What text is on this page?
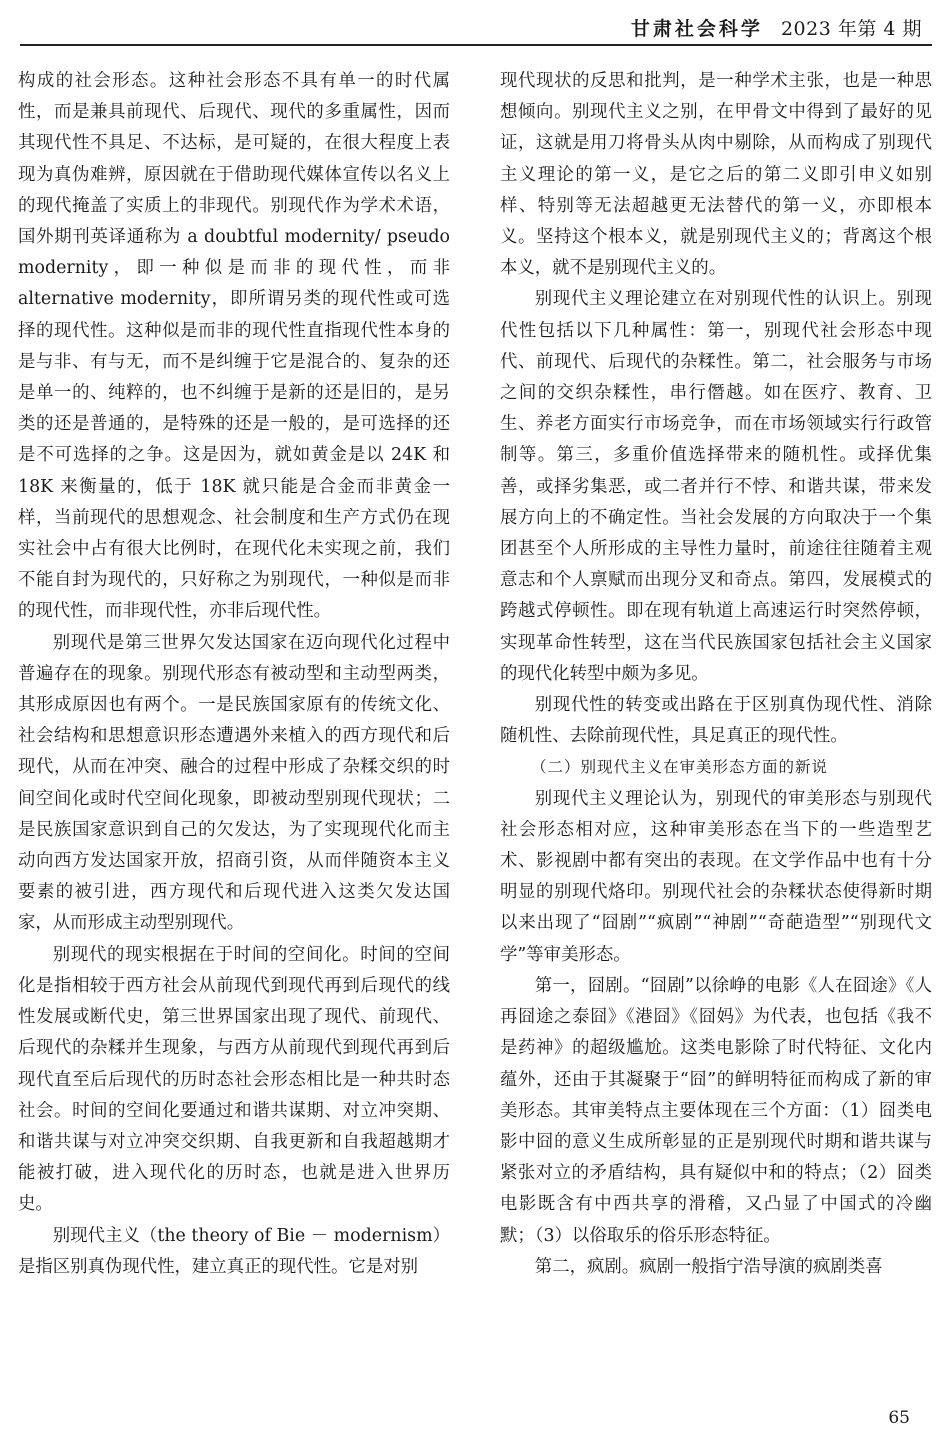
甘肃社会科学 2023 年第 4 期

构成的社会形态。这种社会形态不具有单一的时代属性，而是兼具前现代、后现代、现代的多重属性，因而其现代性不具足、不达标，是可疑的，在很大程度上表现为真伪难辨，原因就在于借助现代媒体宣传以名义上的现代掩盖了实质上的非现代。别现代作为学术术语，国外期刊英译通称为 a doubtful modernity/ pseudo modernity，即一种似是而非的现代性，而非 alternative modernity，即所谓另类的现代性或可选择的现代性。这种似是而非的现代性直指现代性本身的是与非、有与无，而不是纠缠于它是混合的、复杂的还是单一的、纯粹的，也不纠缠于是新的还是旧的，是另类的还是普通的，是特殊的还是一般的，是可选择的还是不可选择的之争。这是因为，就如黄金是以 24K 和 18K 来衡量的，低于 18K 就只能是合金而非黄金一样，当前现代的思想观念、社会制度和生产方式仍在现实社会中占有很大比例时，在现代化未实现之前，我们不能自封为现代的，只好称之为别现代，一种似是而非的现代性，而非现代性，亦非后现代性。

别现代是第三世界欠发达国家在迈向现代化过程中普遍存在的现象。别现代形态有被动型和主动型两类，其形成原因也有两个。一是民族国家原有的传统文化、社会结构和思想意识形态遭遇外来植入的西方现代和后现代，从而在冲突、融合的过程中形成了杂糅交织的时间空间化或时代空间化现象，即被动型别现代现状；二是民族国家意识到自己的欠发达，为了实现现代化而主动向西方发达国家开放，招商引资，从而伴随资本主义要素的被引进，西方现代和后现代进入这类欠发达国家，从而形成主动型别现代。

别现代的现实根据在于时间的空间化。时间的空间化是指相较于西方社会从前现代到现代再到后现代的线性发展或断代史，第三世界国家出现了现代、前现代、后现代的杂糅并生现象，与西方从前现代到现代再到后现代直至后后现代的历时态社会形态相比是一种共时态社会。时间的空间化要通过和谐共谋期、对立冲突期、和谐共谋与对立冲突交织期、自我更新和自我超越期才能被打破，进入现代化的历时态，也就是进入世界历史。

别现代主义（the theory of Bie － modernism）是指区别真伪现代性，建立真正的现代性。它是对别

现代现状的反思和批判，是一种学术主张，也是一种思想倾向。别现代主义之别，在甲骨文中得到了最好的见证，这就是用刀将骨头从肉中剔除，从而构成了别现代主义理论的第一义，是它之后的第二义即引申义如别样、特别等无法超越更无法替代的第一义，亦即根本义。坚持这个根本义，就是别现代主义的；背离这个根本义，就不是别现代主义的。

别现代主义理论建立在对别现代性的认识上。别现代性包括以下几种属性：第一，别现代社会形态中现代、前现代、后现代的杂糅性。第二，社会服务与市场之间的交织杂糅性，串行僭越。如在医疗、教育、卫生、养老方面实行市场竞争，而在市场领域实行行政管制等。第三，多重价值选择带来的随机性。或择优集善，或择劣集恶，或二者并行不悖、和谐共谋，带来发展方向上的不确定性。当社会发展的方向取决于一个集团甚至个人所形成的主导性力量时，前途往往随着主观意志和个人禀赋而出现分叉和奇点。第四，发展模式的跨越式停顿性。即在现有轨道上高速运行时突然停顿，实现革命性转型，这在当代民族国家包括社会主义国家的现代化转型中颇为多见。

别现代性的转变或出路在于区别真伪现代性、消除随机性、去除前现代性，具足真正的现代性。

（二）别现代主义在审美形态方面的新说

别现代主义理论认为，别现代的审美形态与别现代社会形态相对应，这种审美形态在当下的一些造型艺术、影视剧中都有突出的表现。在文学作品中也有十分明显的别现代烙印。别现代社会的杂糅状态使得新时期以来出现了“囧剧”“疯剧”“神剧”“奇葩造型”“别现代文学”等审美形态。

第一，囧剧。“囧剧”以徐峥的电影《人在囧途》《人再囧途之泰囧》《港囧》《囧妈》为代表，也包括《我不是药神》的超级尴尬。这类电影除了时代特征、文化内蕴外，还由于其凝聚于“囧”的鲜明特征而构成了新的审美形态。其审美特点主要体现在三个方面：（1）囧类电影中囧的意义生成所彰显的正是别现代时期和谐共谋与紧张对立的矛盾结构，具有疑似中和的特点；（2）囧类电影既含有中西共享的滑稽，又凸显了中国式的冷幽默；（3）以俗取乐的俗乐形态特征。

第二，疯剧。疯剧一般指宁浩导演的疯剧类喜

65
